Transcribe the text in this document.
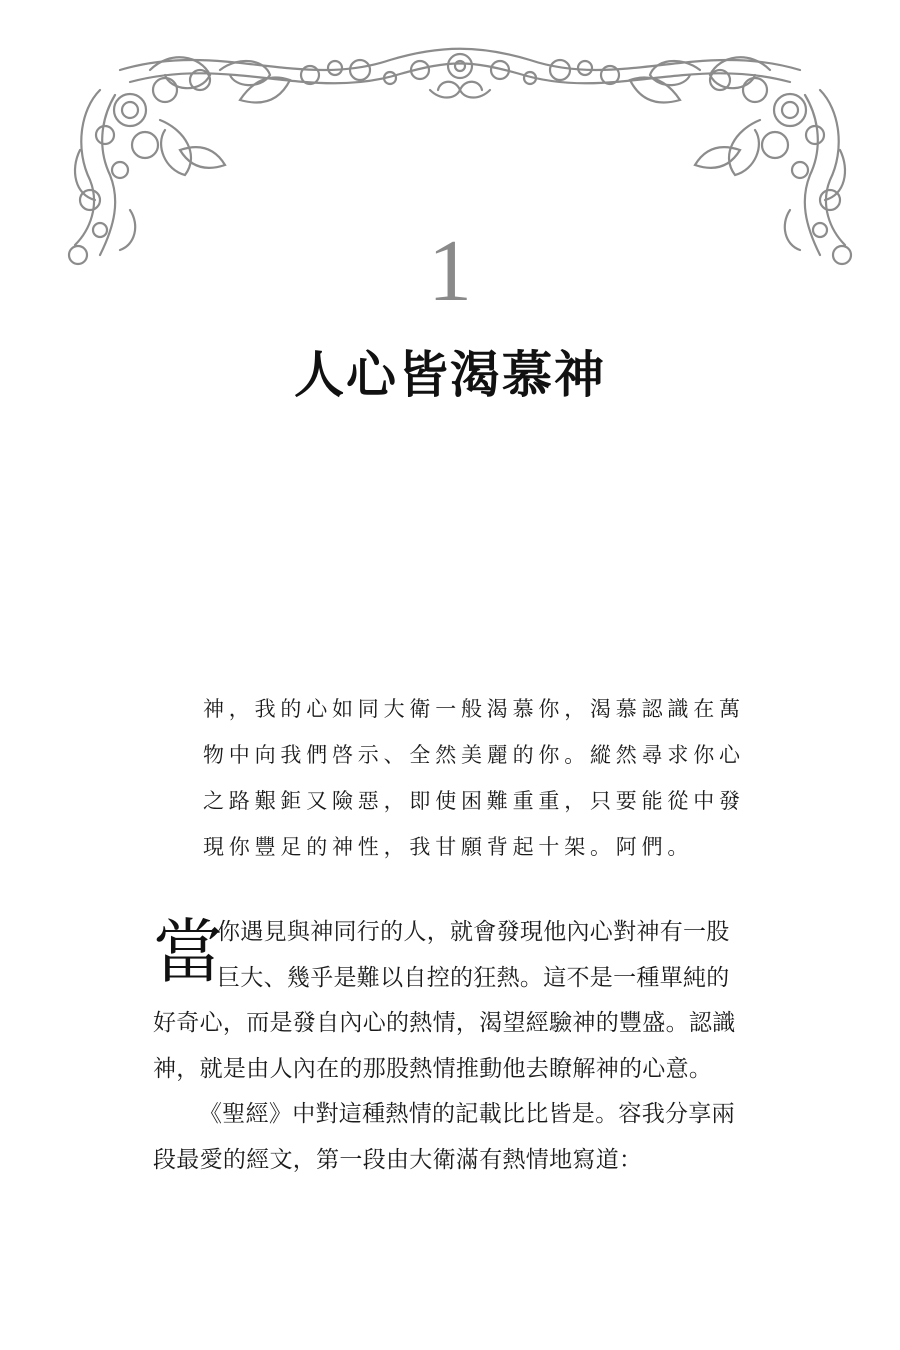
1
人心皆渴慕神
神，我的心如同大衛一般渴慕你，渴慕認識在萬
物中向我們啓示、全然美麗的你。縱然尋求你心
之路艱鉅又險惡，即使困難重重，只要能從中發
現你豐足的神性，我甘願背起十架。阿們。
當
你遇見與神同行的人，就會發現他內心對神有一股
巨大、幾乎是難以自控的狂熱。這不是一種單純的
好奇心，而是發自內心的熱情，渴望經驗神的豐盛。認識
神，就是由人內在的那股熱情推動他去瞭解神的心意。
《聖經》中對這種熱情的記載比比皆是。容我分享兩
段最愛的經文，第一段由大衛滿有熱情地寫道：
